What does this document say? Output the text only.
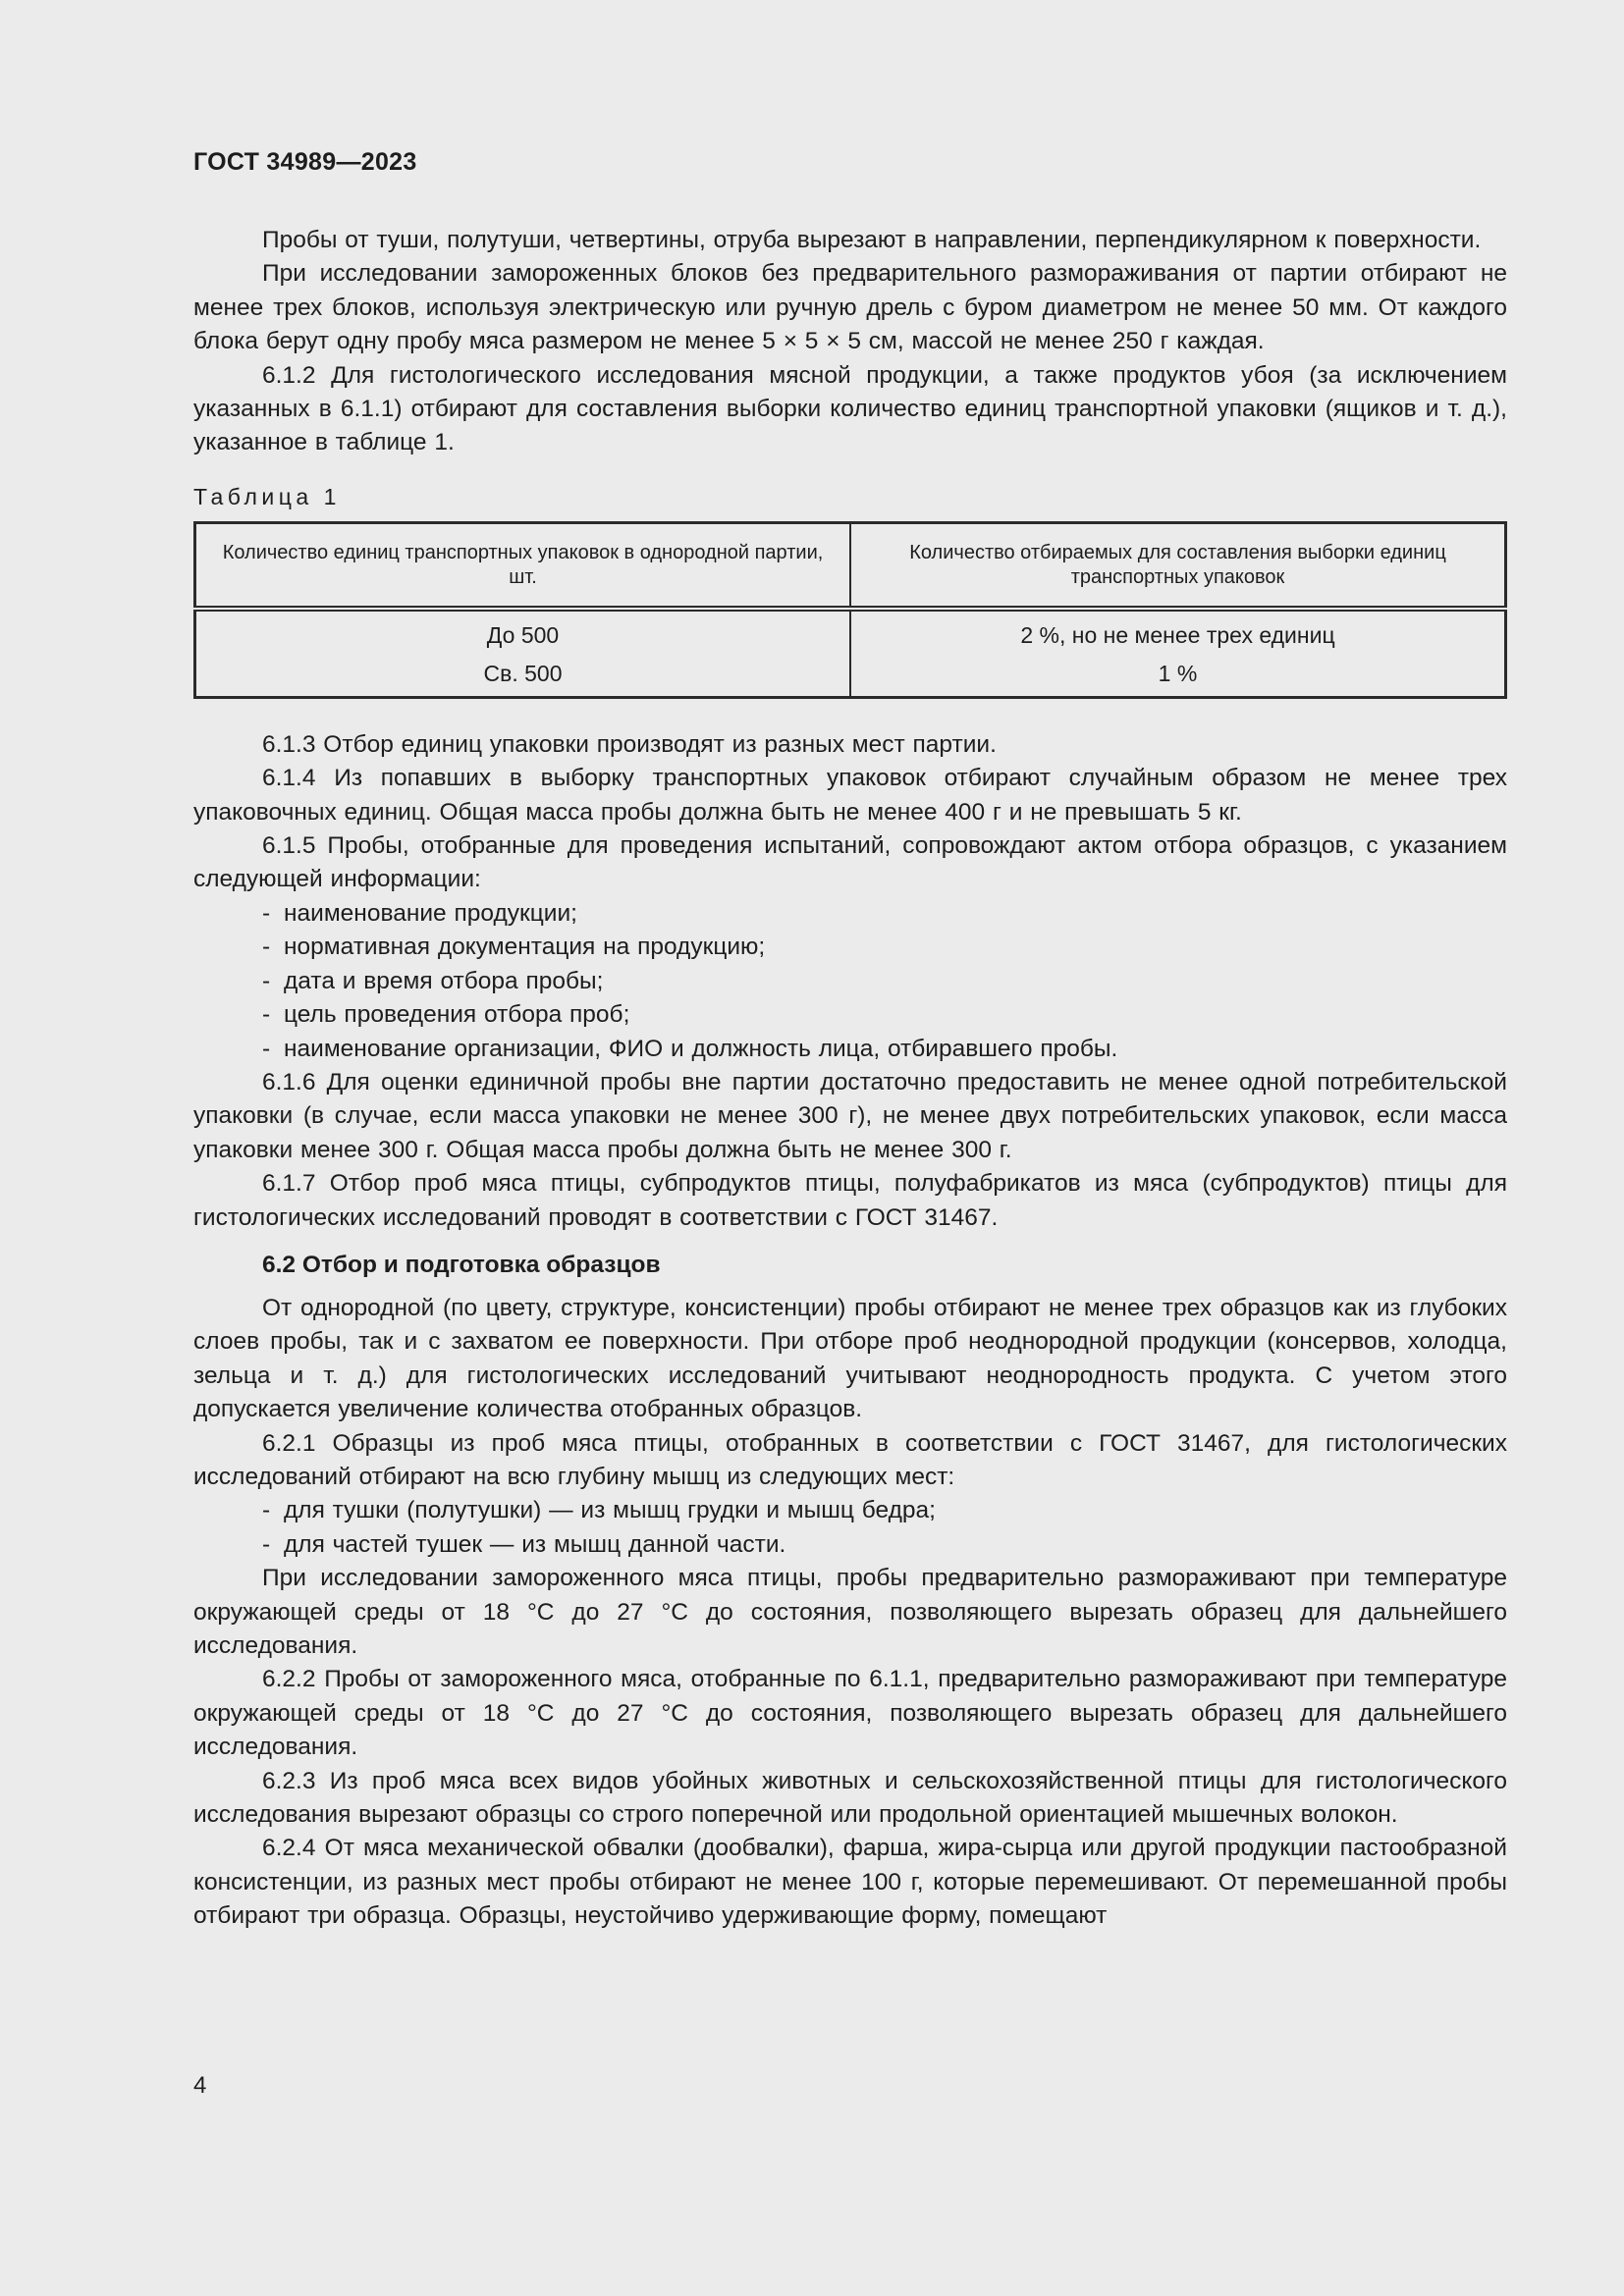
ГОСТ 34989—2023

Пробы от туши, полутуши, четвертины, отруба вырезают в направлении, перпендикулярном к поверхности.

При исследовании замороженных блоков без предварительного размораживания от партии отбирают не менее трех блоков, используя электрическую или ручную дрель с буром диаметром не менее 50 мм. От каждого блока берут одну пробу мяса размером не менее 5 × 5 × 5 см, массой не менее 250 г каждая.

6.1.2 Для гистологического исследования мясной продукции, а также продуктов убоя (за исключением указанных в 6.1.1) отбирают для составления выборки количество единиц транспортной упаковки (ящиков и т. д.), указанное в таблице 1.

Таблица 1
Количество единиц транспортных упаковок в однородной партии, шт.	Количество отбираемых для составления выборки единиц транспортных упаковок
До 500	2 %, но не менее трех единиц
Св. 500	1 %

6.1.3 Отбор единиц упаковки производят из разных мест партии.

6.1.4 Из попавших в выборку транспортных упаковок отбирают случайным образом не менее трех упаковочных единиц. Общая масса пробы должна быть не менее 400 г и не превышать 5 кг.

6.1.5 Пробы, отобранные для проведения испытаний, сопровождают актом отбора образцов, с указанием следующей информации:

- наименование продукции;
- нормативная документация на продукцию;
- дата и время отбора пробы;
- цель проведения отбора проб;
- наименование организации, ФИО и должность лица, отбиравшего пробы.

6.1.6 Для оценки единичной пробы вне партии достаточно предоставить не менее одной потребительской упаковки (в случае, если масса упаковки не менее 300 г), не менее двух потребительских упаковок, если масса упаковки менее 300 г. Общая масса пробы должна быть не менее 300 г.

6.1.7 Отбор проб мяса птицы, субпродуктов птицы, полуфабрикатов из мяса (субпродуктов) птицы для гистологических исследований проводят в соответствии с ГОСТ 31467.

6.2 Отбор и подготовка образцов

От однородной (по цвету, структуре, консистенции) пробы отбирают не менее трех образцов как из глубоких слоев пробы, так и с захватом ее поверхности. При отборе проб неоднородной продукции (консервов, холодца, зельца и т. д.) для гистологических исследований учитывают неоднородность продукта. С учетом этого допускается увеличение количества отобранных образцов.

6.2.1 Образцы из проб мяса птицы, отобранных в соответствии с ГОСТ 31467, для гистологических исследований отбирают на всю глубину мышц из следующих мест:

- для тушки (полутушки) — из мышц грудки и мышц бедра;
- для частей тушек — из мышц данной части.

При исследовании замороженного мяса птицы, пробы предварительно размораживают при температуре окружающей среды от 18 °С до 27 °С до состояния, позволяющего вырезать образец для дальнейшего исследования.

6.2.2 Пробы от замороженного мяса, отобранные по 6.1.1, предварительно размораживают при температуре окружающей среды от 18 °С до 27 °С до состояния, позволяющего вырезать образец для дальнейшего исследования.

6.2.3 Из проб мяса всех видов убойных животных и сельскохозяйственной птицы для гистологического исследования вырезают образцы со строго поперечной или продольной ориентацией мышечных волокон.

6.2.4 От мяса механической обвалки (дообвалки), фарша, жира-сырца или другой продукции пастообразной консистенции, из разных мест пробы отбирают не менее 100 г, которые перемешивают. От перемешанной пробы отбирают три образца. Образцы, неустойчиво удерживающие форму, помещают

4
